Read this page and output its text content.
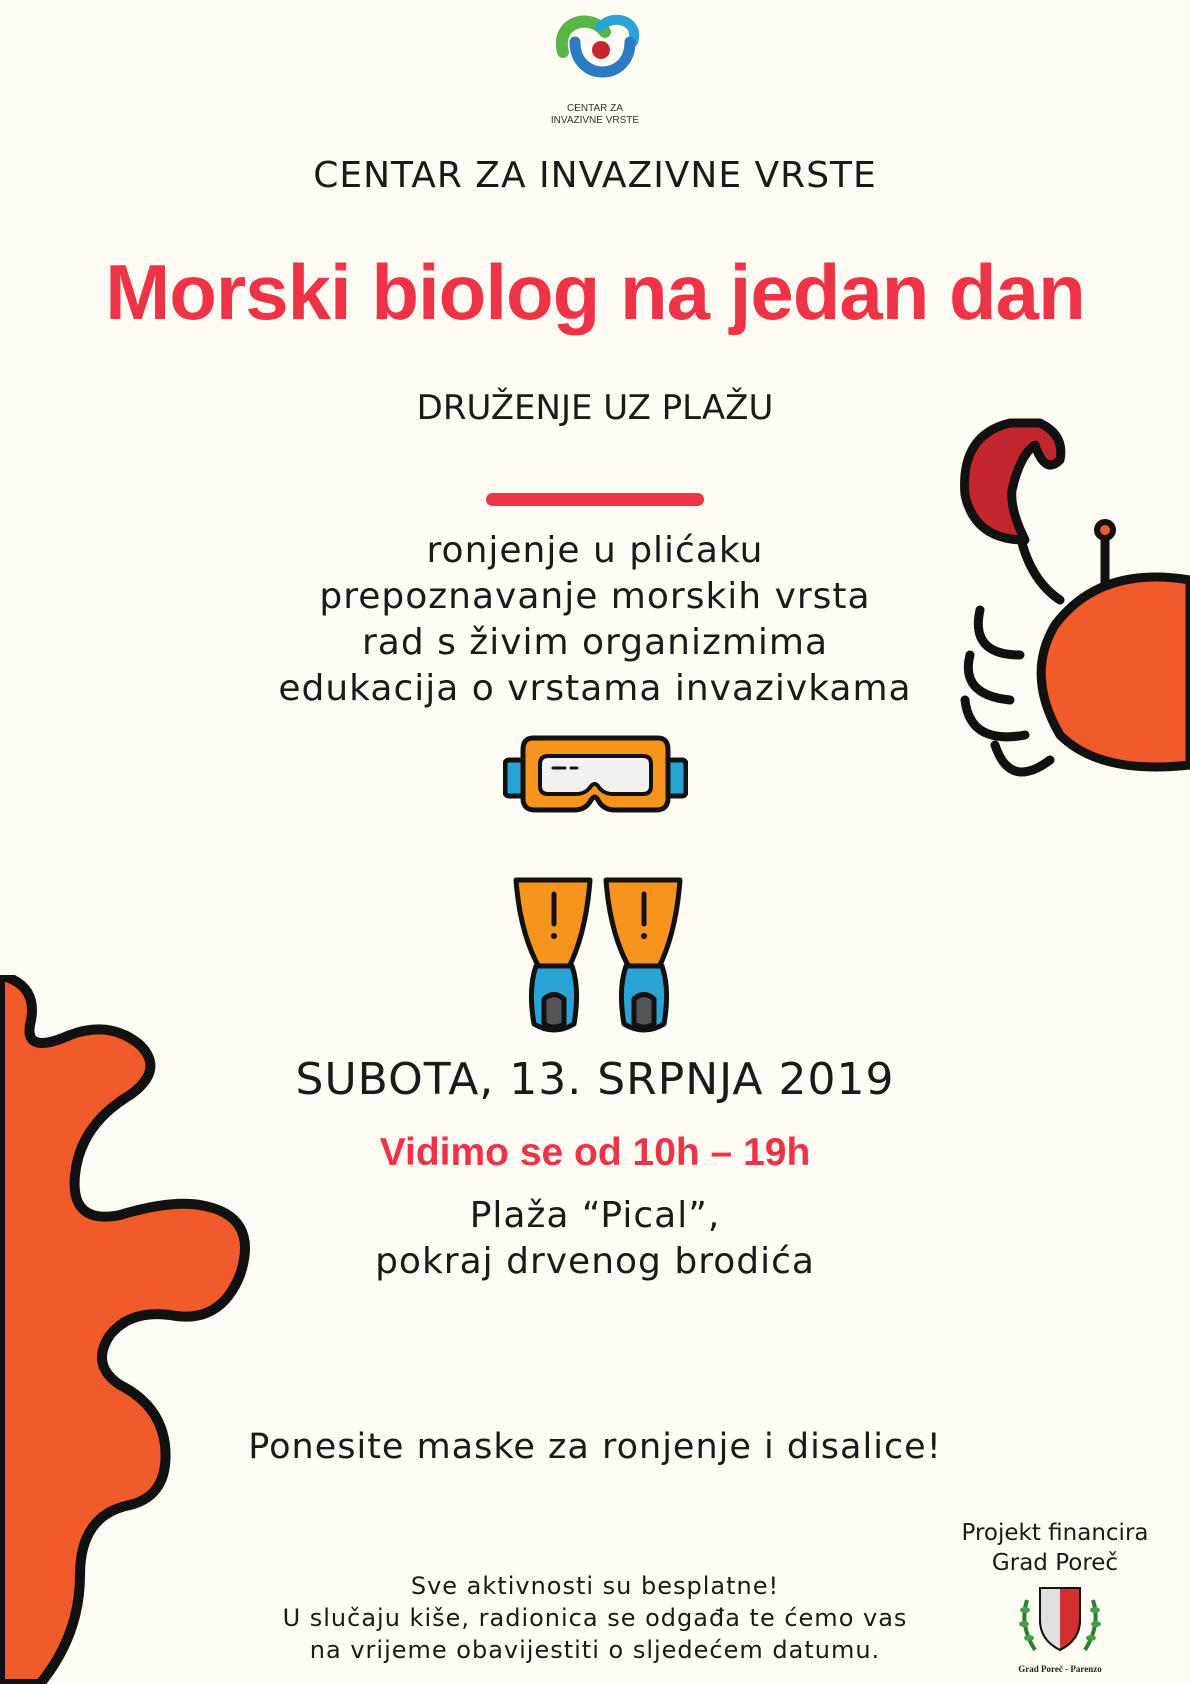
CENTAR ZA
INVAZIVNE VRSTE
CENTAR ZA INVAZIVNE VRSTE
Morski biolog na jedan dan
DRUŽENJE UZ PLAŽU
ronjenje u plićaku
prepoznavanje morskih vrsta
rad s živim organizmima
edukacija o vrstama invazivkama
SUBOTA, 13. SRPNJA 2019
Vidimo se od 10h – 19h
Plaža “Pical”,
pokraj drvenog brodića
Ponesite maske za ronjenje i disalice!
Sve aktivnosti su besplatne!
U slučaju kiše, radionica se odgađa te ćemo vas
na vrijeme obavijestiti o sljedećem datumu.
Projekt financira
Grad Poreč
Grad Poreč - Parenzo
